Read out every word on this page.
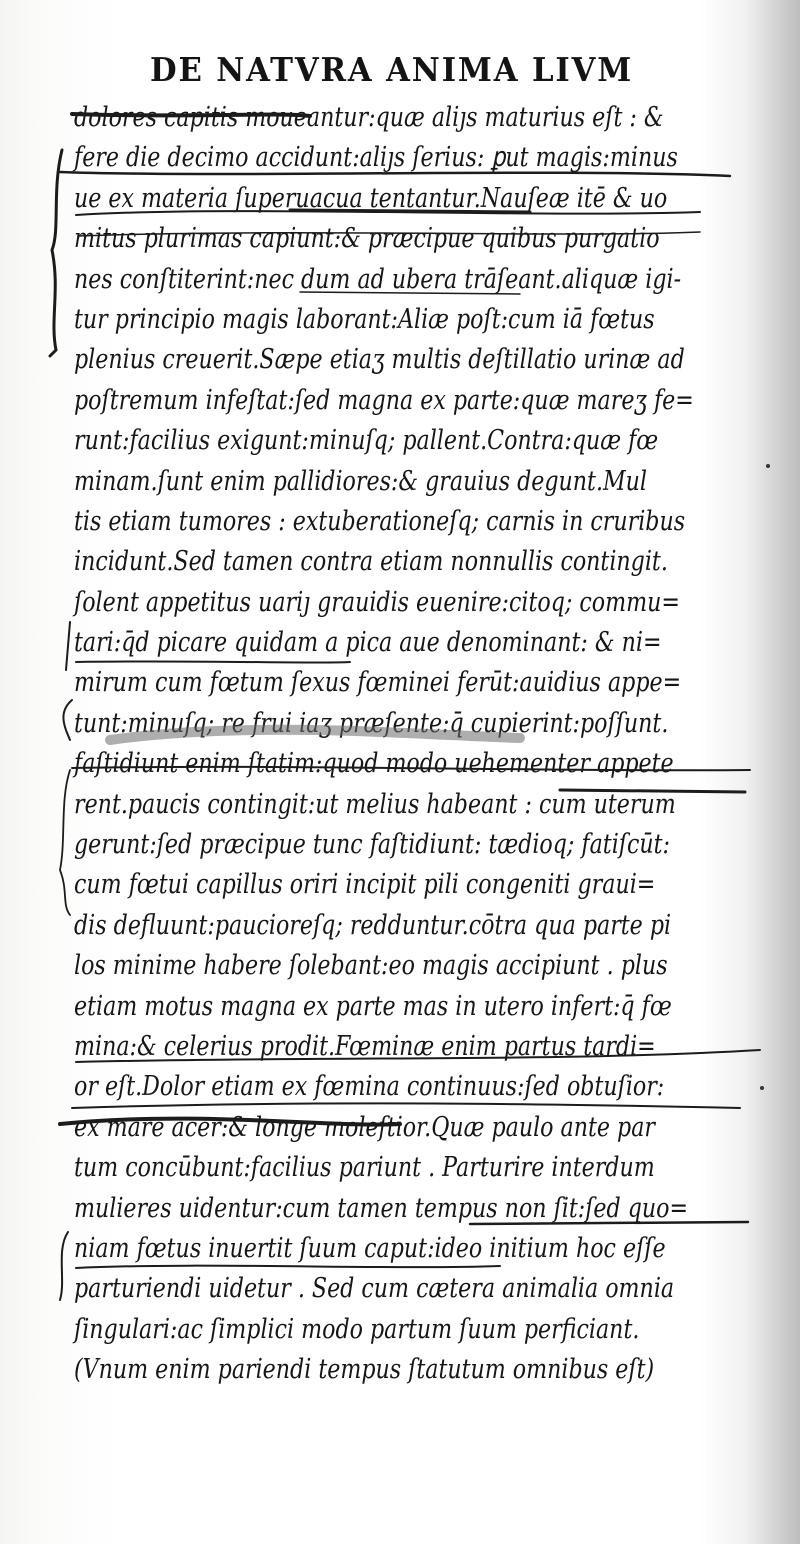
DE NATVRA ANIMA LIVM
dolores capitis moueantur:quæ aliȷs maturius eſt : &
fere die decimo accidunt:aliȷs ſerius: ꝑut magis:minus
ue ex materia ſuperuacua tentantur.Nauſeæ itē & uo
mitus plurimas capiunt:& præcipue quibus purgatio
nes conſtiterint:nec dum ad ubera trāſeant.aliquæ igi-
tur principio magis laborant:Aliæ poſt:cum iā fœtus
plenius creuerit.Sæpe etiaʒ multis deſtillatio urinæ ad
poſtremum infeſtat:ſed magna ex parte:quæ mareʒ fe=
runt:facilius exigunt:minuſq; pallent.Contra:quæ fœ
minam.ſunt enim pallidiores:& grauius degunt.Mul
tis etiam tumores : extuberationeſq; carnis in cruribus
incidunt.Sed tamen contra etiam nonnullis contingit.
ſolent appetitus uariȷ grauidis euenire:citoq; commu=
tari:q̄d picare quidam a pica aue denominant: & ni=
mirum cum fœtum ſexus fœminei ferūt:auidius appe=
tunt:minuſq; re frui iaʒ præſente:q̄ cupierint:poſſunt.
faſtidiunt enim ſtatim:quod modo uehementer appete
rent.paucis contingit:ut melius habeant : cum uterum
gerunt:ſed præcipue tunc faſtidiunt: tædioq; fatiſcūt:
cum fœtui capillus oriri incipit pili congeniti graui=
dis defluunt:paucioreſq; redduntur.cōtra qua parte pi
los minime habere ſolebant:eo magis accipiunt . plus
etiam motus magna ex parte mas in utero infert:q̄ fœ
mina:& celerius prodit.Fœminæ enim partus tardi=
or eſt.Dolor etiam ex fœmina continuus:ſed obtuſior:
ex mare acer:& longe moleſtior.Quæ paulo ante par
tum concūbunt:facilius pariunt . Parturire interdum
mulieres uidentur:cum tamen tempus non ſit:ſed quo=
niam fœtus inuertit ſuum caput:ideo initium hoc eſſe
parturiendi uidetur . Sed cum cætera animalia omnia
ſingulari:ac ſimplici modo partum ſuum perficiant.
(Vnum enim pariendi tempus ſtatutum omnibus eſt)
